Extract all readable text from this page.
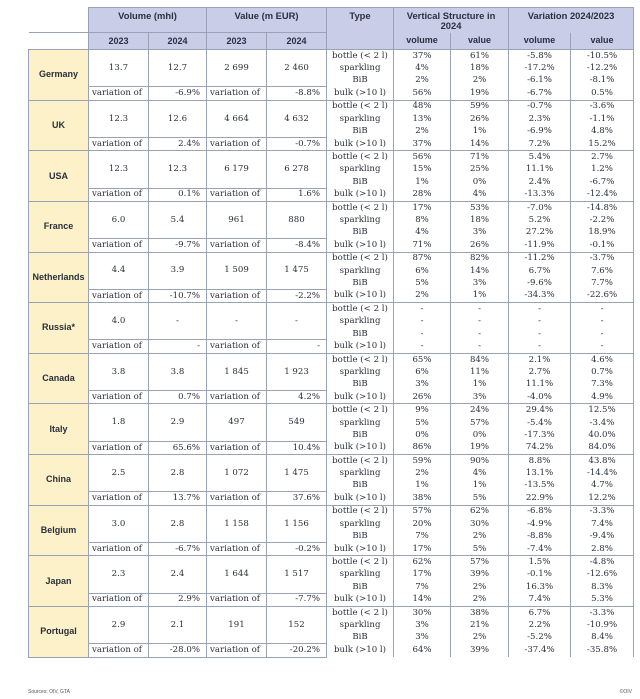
	Volume (mhl)		Value (m EUR)		Type	Vertical Structure in 2024		Variation 2024/2023	

	2023	2024	2023	2024		volume	value	volume	value
Germany	13.7	12.7	2 699	2 460	bottle (< 2 l)	37%	61%	-5.8%	-10.5%
					sparkling	4%	18%	-17.2%	-12.2%
					BiB	2%	2%	-6.1%	-8.1%
	variation of	-6.9%	variation of	-8.8%	bulk (>10 l)	56%	19%	-6.7%	0.5%
UK	12.3	12.6	4 664	4 632	bottle (< 2 l)	48%	59%	-0.7%	-3.6%
					sparkling	13%	26%	2.3%	-1.1%
					BiB	2%	1%	-6.9%	4.8%
	variation of	2.4%	variation of	-0.7%	bulk (>10 l)	37%	14%	7.2%	15.2%
USA	12.3	12.3	6 179	6 278	bottle (< 2 l)	56%	71%	5.4%	2.7%
					sparkling	15%	25%	11.1%	1.2%
					BiB	1%	0%	2.4%	-6.7%
	variation of	0.1%	variation of	1.6%	bulk (>10 l)	28%	4%	-13.3%	-12.4%
France	6.0	5.4	961	880	bottle (< 2 l)	17%	53%	-7.0%	-14.8%
					sparkling	8%	18%	5.2%	-2.2%
					BiB	4%	3%	27.2%	18.9%
	variation of	-9.7%	variation of	-8.4%	bulk (>10 l)	71%	26%	-11.9%	-0.1%
Netherlands	4.4	3.9	1 509	1 475	bottle (< 2 l)	87%	82%	-11.2%	-3.7%
					sparkling	6%	14%	6.7%	7.6%
					BiB	5%	3%	-9.6%	7.7%
	variation of	-10.7%	variation of	-2.2%	bulk (>10 l)	2%	1%	-34.3%	-22.6%
Russia*	4.0	-	-	-	bottle (< 2 l)	-	-	-	-
					sparkling	-	-	-	-
					BiB	-	-	-	-
	variation of	-	variation of	-	bulk (>10 l)	-	-	-	-
Canada	3.8	3.8	1 845	1 923	bottle (< 2 l)	65%	84%	2.1%	4.6%
					sparkling	6%	11%	2.7%	0.7%
					BiB	3%	1%	11.1%	7.3%
	variation of	0.7%	variation of	4.2%	bulk (>10 l)	26%	3%	-4.0%	4.9%
Italy	1.8	2.9	497	549	bottle (< 2 l)	9%	24%	29.4%	12.5%
					sparkling	5%	57%	-5.4%	-3.4%
					BiB	0%	0%	-17.3%	40.0%
	variation of	65.6%	variation of	10.4%	bulk (>10 l)	86%	19%	74.2%	84.0%
China	2.5	2.8	1 072	1 475	bottle (< 2 l)	59%	90%	8.8%	43.8%
					sparkling	2%	4%	13.1%	-14.4%
					BiB	1%	1%	-13.5%	4.7%
	variation of	13.7%	variation of	37.6%	bulk (>10 l)	38%	5%	22.9%	12.2%
Belgium	3.0	2.8	1 158	1 156	bottle (< 2 l)	57%	62%	-6.8%	-3.3%
					sparkling	20%	30%	-4.9%	7.4%
					BiB	7%	2%	-8.8%	-9.4%
	variation of	-6.7%	variation of	-0.2%	bulk (>10 l)	17%	5%	-7.4%	2.8%
Japan	2.3	2.4	1 644	1 517	bottle (< 2 l)	62%	57%	1.5%	-4.8%
					sparkling	17%	39%	-0.1%	-12.6%
					BiB	7%	2%	16.3%	8.3%
	variation of	2.9%	variation of	-7.7%	bulk (>10 l)	14%	2%	7.4%	5.3%
Portugal	2.9	2.1	191	152	bottle (< 2 l)	30%	38%	6.7%	-3.3%
					sparkling	3%	21%	2.2%	-10.9%
					BiB	3%	2%	-5.2%	8.4%
	variation of	-28.0%	variation of	-20.2%	bulk (>10 l)	64%	39%	-37.4%	-35.8%
Sources: OIV, GTA	©OIV
